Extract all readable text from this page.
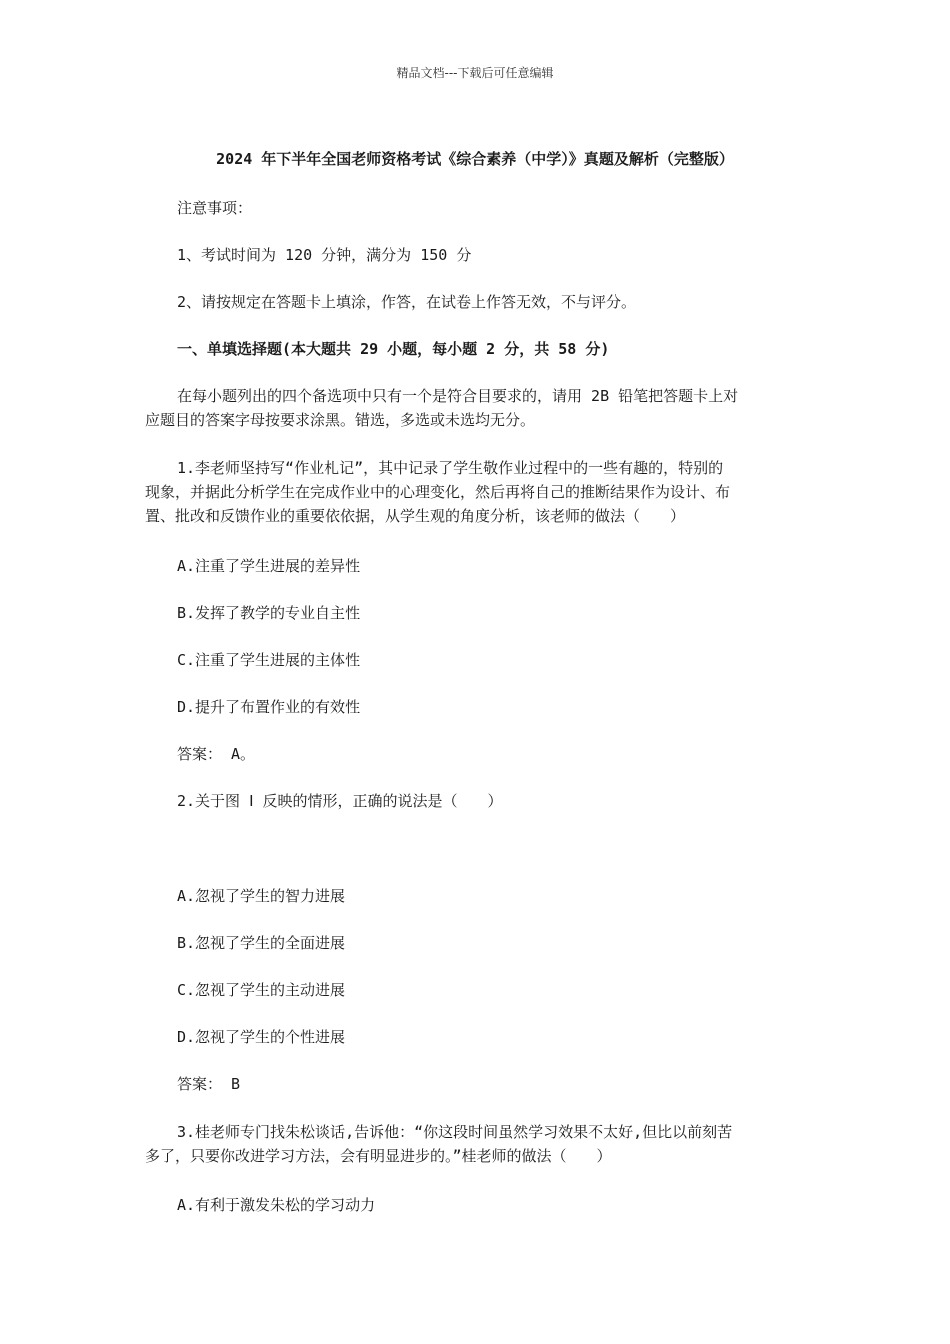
精品文档---下载后可任意编辑
2024 年下半年全国老师资格考试《综合素养（中学）》真题及解析（完整版）
注意事项：
1、考试时间为 120 分钟，满分为 150 分
2、请按规定在答题卡上填涂，作答，在试卷上作答无效，不与评分。
一、单填选择题(本大题共 29 小题，每小题 2 分，共 58 分)
在每小题列出的四个备选项中只有一个是符合目要求的，请用 2B 铅笔把答题卡上对
应题目的答案字母按要求涂黑。错选，多选或未选均无分。
1.李老师坚持写“作业札记”，其中记录了学生敬作业过程中的一些有趣的，特别的
现象，并据此分析学生在完成作业中的心理变化，然后再将自己的推断结果作为设计、布
置、批改和反馈作业的重要依依据，从学生观的角度分析，该老师的做法（　　）
A.注重了学生进展的差异性
B.发挥了教学的专业自主性
C.注重了学生进展的主体性
D.提升了布置作业的有效性
答案： A。
2.关于图 Ⅰ 反映的情形，正确的说法是（　　）
A.忽视了学生的智力进展
B.忽视了学生的全面进展
C.忽视了学生的主动进展
D.忽视了学生的个性进展
答案： B
3.桂老师专门找朱松谈话,告诉他：“你这段时间虽然学习效果不太好,但比以前刻苦
多了，只要你改进学习方法，会有明显进步的。”桂老师的做法（　　）
A.有利于激发朱松的学习动力
